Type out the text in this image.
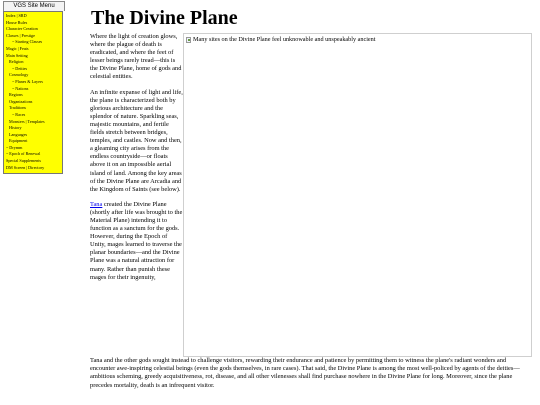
VGS Site Menu
Index | SRD
House Rules
Character Creation
Classes | Prestige
~ Starting Classes
Magic | Feats
Main Setting
Religion
~ Deities
Cosmology
~ Planes & Layers
~ Nations
Regions
Organizations
Traditions
~ Races
Monsters | Templates
History
Languages
Equipment
~ Drymm
~ Epoch of Renewal
Special Supplements
DM Screen | Directory
The Divine Plane

Where the light of creation glows, where the plague of death is eradicated, and where the feet of lesser beings rarely tread—this is the Divine Plane, home of gods and celestial entities.

An infinite expanse of light and life, the plane is characterized both by glorious architecture and the splendor of nature. Sparkling seas, majestic mountains, and fertile fields stretch between bridges, temples, and castles. Now and then, a gleaming city arises from the endless countryside—or floats above it on an impossible aerial island of land. Among the key areas of the Divine Plane are Arcadia and the Kingdom of Saints (see below).

Tana created the Divine Plane (shortly after life was brought to the Material Plane) intending it to function as a sanctum for the gods. However, during the Epoch of Unity, mages learned to traverse the planar boundaries—and the Divine Plane was a natural attraction for many. Rather than punish these mages for their ingenuity,

Many sites on the Divine Plane feel unknowable and unspeakably ancient

Tana and the other gods sought instead to challenge visitors, rewarding their endurance and patience by permitting them to witness the plane's radiant wonders and encounter awe-inspiring celestial beings (even the gods themselves, in rare cases). That said, the Divine Plane is among the most well-policed by agents of the deities—ambitious scheming, greedy acquisitiveness, rot, disease, and all other vilenesses shall find purchase nowhere in the Divine Plane for long. Moreover, since the plane precedes mortality, death is an infrequent visitor.
